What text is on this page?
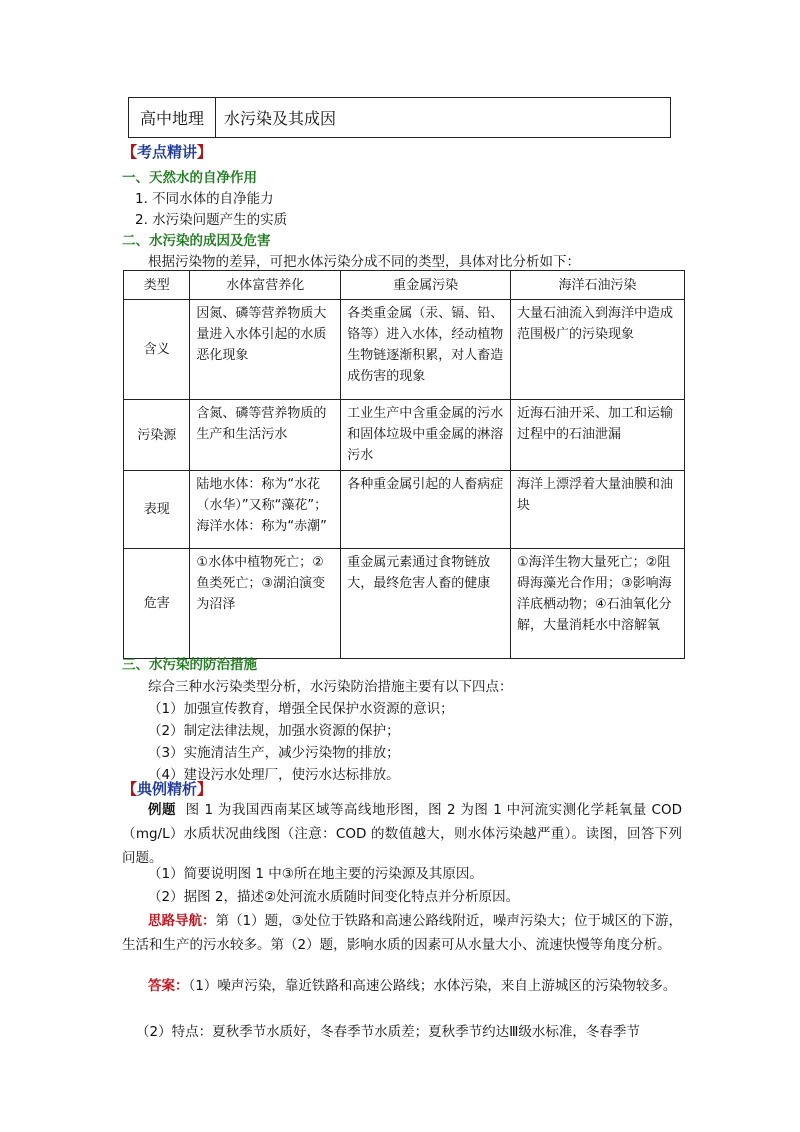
高中地理	水污染及其成因
【考点精讲】
一、天然水的自净作用
1. 不同水体的自净能力
2. 水污染问题产生的实质
二、水污染的成因及危害
根据污染物的差异，可把水体污染分成不同的类型，具体对比分析如下：
类型	水体富营养化	重金属污染	海洋石油污染
含义	因氮、磷等营养物质大量进入水体引起的水质恶化现象	各类重金属（汞、镉、铅、铬等）进入水体，经动植物生物链逐渐积累，对人畜造成伤害的现象	大量石油流入到海洋中造成范围极广的污染现象
污染源	含氮、磷等营养物质的生产和生活污水	工业生产中含重金属的污水和固体垃圾中重金属的淋溶污水	近海石油开采、加工和运输过程中的石油泄漏
表现	陆地水体：称为“水花（水华）”又称“藻花”；海洋水体：称为“赤潮”	各种重金属引起的人畜病症	海洋上漂浮着大量油膜和油块
危害	①水体中植物死亡；②鱼类死亡；③湖泊演变为沼泽	重金属元素通过食物链放大，最终危害人畜的健康	①海洋生物大量死亡；②阻碍海藻光合作用；③影响海洋底栖动物；④石油氧化分解，大量消耗水中溶解氧
三、水污染的防治措施
综合三种水污染类型分析，水污染防治措施主要有以下四点：
（1）加强宣传教育，增强全民保护水资源的意识；
（2）制定法律法规，加强水资源的保护；
（3）实施清洁生产，减少污染物的排放；
（4）建设污水处理厂，使污水达标排放。
【典例精析】
例题 图 1 为我国西南某区域等高线地形图，图 2 为图 1 中河流实测化学耗氧量 COD（mg/L）水质状况曲线图（注意：COD 的数值越大，则水体污染越严重）。读图，回答下列问题。
（1）简要说明图 1 中③所在地主要的污染源及其原因。
（2）据图 2，描述②处河流水质随时间变化特点并分析原因。
思路导航：第（1）题，③处位于铁路和高速公路线附近，噪声污染大；位于城区的下游，生活和生产的污水较多。第（2）题，影响水质的因素可从水量大小、流速快慢等角度分析。
答案：（1）噪声污染，靠近铁路和高速公路线；水体污染，来自上游城区的污染物较多。
（2）特点：夏秋季节水质好，冬春季节水质差；夏秋季节约达Ⅲ级水标准，冬春季节
